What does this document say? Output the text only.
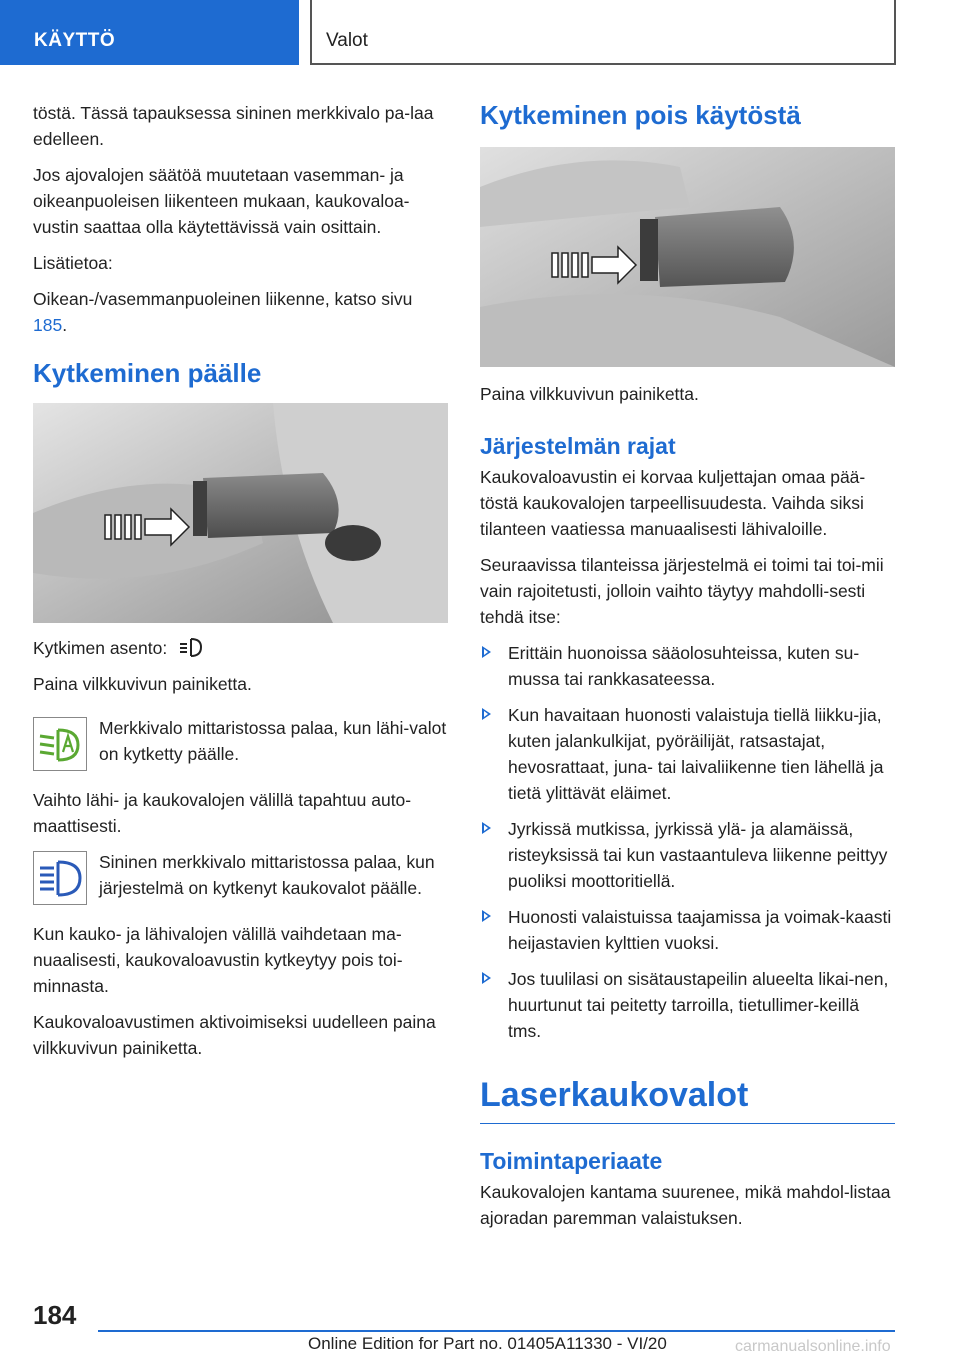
KÄYTTÖ	Valot

töstä. Tässä tapauksessa sininen merkkivalo pa‐laa edelleen.

Jos ajovalojen säätöä muutetaan vasemman- ja oikeanpuoleisen liikenteen mukaan, kaukovaloa‐vustin saattaa olla käytettävissä vain osittain.

Lisätietoa:

Oikean-/vasemmanpuoleinen liikenne, katso sivu 185.

Kytkeminen päälle

Kytkimen asento:

Paina vilkkuvivun painiketta.

Merkkivalo mittaristossa palaa, kun lähi‐valot on kytketty päälle.

Vaihto lähi- ja kaukovalojen välillä tapahtuu auto‐maattisesti.

Sininen merkkivalo mittaristossa palaa, kun järjestelmä on kytkenyt kaukovalot päälle.

Kun kauko- ja lähivalojen välillä vaihdetaan ma‐nuaalisesti, kaukovaloavustin kytkeytyy pois toi‐minnasta.

Kaukovaloavustimen aktivoimiseksi uudelleen paina vilkkuvivun painiketta.

Kytkeminen pois käytöstä

Paina vilkkuvivun painiketta.

Järjestelmän rajat

Kaukovaloavustin ei korvaa kuljettajan omaa pää‐töstä kaukovalojen tarpeellisuudesta. Vaihda siksi tilanteen vaatiessa manuaalisesti lähivaloille.

Seuraavissa tilanteissa järjestelmä ei toimi tai toi‐mii vain rajoitetusti, jolloin vaihto täytyy mahdolli‐sesti tehdä itse:

Erittäin huonoissa sääolosuhteissa, kuten su‐mussa tai rankkasateessa.
Kun havaitaan huonosti valaistuja tiellä liikku‐jia, kuten jalankulkijat, pyöräilijät, ratsastajat, hevosrattaat, juna- tai laivaliikenne tien lähellä ja tietä ylittävät eläimet.
Jyrkissä mutkissa, jyrkissä ylä- ja alamäissä, risteyksissä tai kun vastaantuleva liikenne peittyy puoliksi moottoritiellä.
Huonosti valaistuissa taajamissa ja voimak‐kaasti heijastavien kylttien vuoksi.
Jos tuulilasi on sisätaustapeilin alueelta likai‐nen, huurtunut tai peitetty tarroilla, tietullimer‐keillä tms.
Laserkaukovalot
Toimintaperiaate

Kaukovalojen kantama suurenee, mikä mahdol‐listaa ajoradan paremman valaistuksen.

184
Online Edition for Part no. 01405A11330 - VI/20	carmanualsonline.info
